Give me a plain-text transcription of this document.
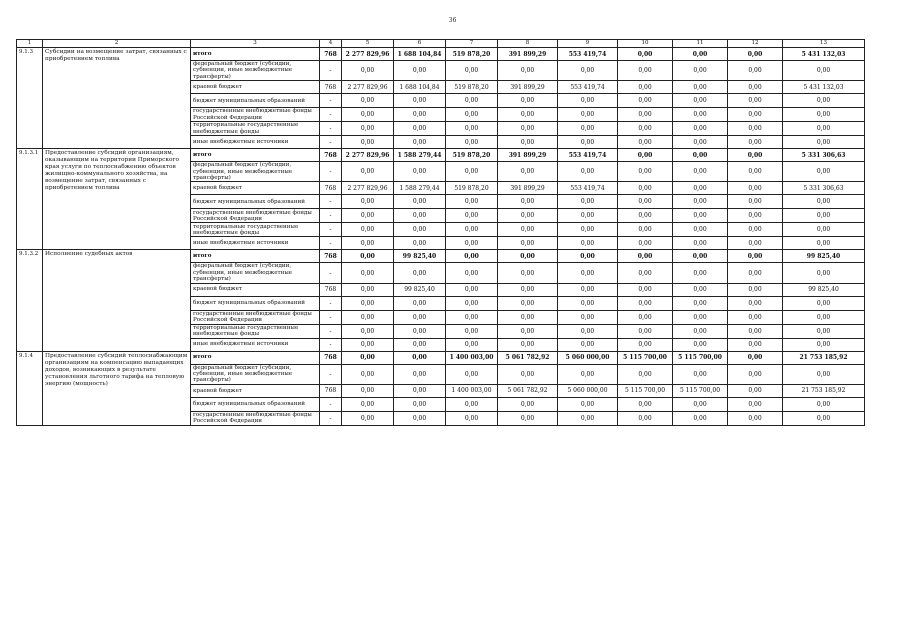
36
1	2	3	4	5	6	7	8	9	10	11	12	13
9.1.3	Субсидии на возмещение затрат, связанных с приобретением топлива	итого	768	2 277 829,96	1 688 104,84	519 878,20	391 899,29	553 419,74	0,00	0,00	0,00	5 431 132,03
		федеральный бюджет (субсидии, субвенции, иные межбюджетные трансферты)	-	0,00	0,00	0,00	0,00	0,00	0,00	0,00	0,00	0,00
		краевой бюджет	768	2 277 829,96	1 688 104,84	519 878,20	391 899,29	553 419,74	0,00	0,00	0,00	5 431 132,03
		бюджет муниципальных образований	-	0,00	0,00	0,00	0,00	0,00	0,00	0,00	0,00	0,00
		государственные внебюджетные фонды Российской Федерации	-	0,00	0,00	0,00	0,00	0,00	0,00	0,00	0,00	0,00
		территориальные государственные внебюджетные фонды	-	0,00	0,00	0,00	0,00	0,00	0,00	0,00	0,00	0,00
		иные внебюджетные источники	-	0,00	0,00	0,00	0,00	0,00	0,00	0,00	0,00	0,00
9.1.3.1	Предоставление субсидий организациям, оказывающим на территории Приморского края услуги по теплоснабжению объектов жилищно-коммунального хозяйства, на возмещение затрат, связанных с приобретением топлива	итого	768	2 277 829,96	1 588 279,44	519 878,20	391 899,29	553 419,74	0,00	0,00	0,00	5 331 306,63
		федеральный бюджет (субсидии, субвенции, иные межбюджетные трансферты)	-	0,00	0,00	0,00	0,00	0,00	0,00	0,00	0,00	0,00
		краевой бюджет	768	2 277 829,96	1 588 279,44	519 878,20	391 899,29	553 419,74	0,00	0,00	0,00	5 331 306,63
		бюджет муниципальных образований	-	0,00	0,00	0,00	0,00	0,00	0,00	0,00	0,00	0,00
		государственные внебюджетные фонды Российской Федерации	-	0,00	0,00	0,00	0,00	0,00	0,00	0,00	0,00	0,00
		территориальные государственные внебюджетные фонды	-	0,00	0,00	0,00	0,00	0,00	0,00	0,00	0,00	0,00
		иные внебюджетные источники	-	0,00	0,00	0,00	0,00	0,00	0,00	0,00	0,00	0,00
9.1.3.2	Исполнение судебных актов	итого	768	0,00	99 825,40	0,00	0,00	0,00	0,00	0,00	0,00	99 825,40
		федеральный бюджет (субсидии, субвенции, иные межбюджетные трансферты)	-	0,00	0,00	0,00	0,00	0,00	0,00	0,00	0,00	0,00
		краевой бюджет	768	0,00	99 825,40	0,00	0,00	0,00	0,00	0,00	0,00	99 825,40
		бюджет муниципальных образований	-	0,00	0,00	0,00	0,00	0,00	0,00	0,00	0,00	0,00
		государственные внебюджетные фонды Российской Федерации	-	0,00	0,00	0,00	0,00	0,00	0,00	0,00	0,00	0,00
		территориальные государственные внебюджетные фонды	-	0,00	0,00	0,00	0,00	0,00	0,00	0,00	0,00	0,00
		иные внебюджетные источники	-	0,00	0,00	0,00	0,00	0,00	0,00	0,00	0,00	0,00
9.1.4	Предоставление субсидий теплоснабжающим организациям на компенсацию выпадающих доходов, возникающих в результате установления льготного тарифа на тепловую энергию (мощность)	итого	768	0,00	0,00	1 400 003,00	5 061 782,92	5 060 000,00	5 115 700,00	5 115 700,00	0,00	21 753 185,92
		федеральный бюджет (субсидии, субвенции, иные межбюджетные трансферты)	-	0,00	0,00	0,00	0,00	0,00	0,00	0,00	0,00	0,00
		краевой бюджет	768	0,00	0,00	1 400 003,00	5 061 782,92	5 060 000,00	5 115 700,00	5 115 700,00	0,00	21 753 185,92
		бюджет муниципальных образований	-	0,00	0,00	0,00	0,00	0,00	0,00	0,00	0,00	0,00
		государственные внебюджетные фонды Российской Федерации	-	0,00	0,00	0,00	0,00	0,00	0,00	0,00	0,00	0,00
